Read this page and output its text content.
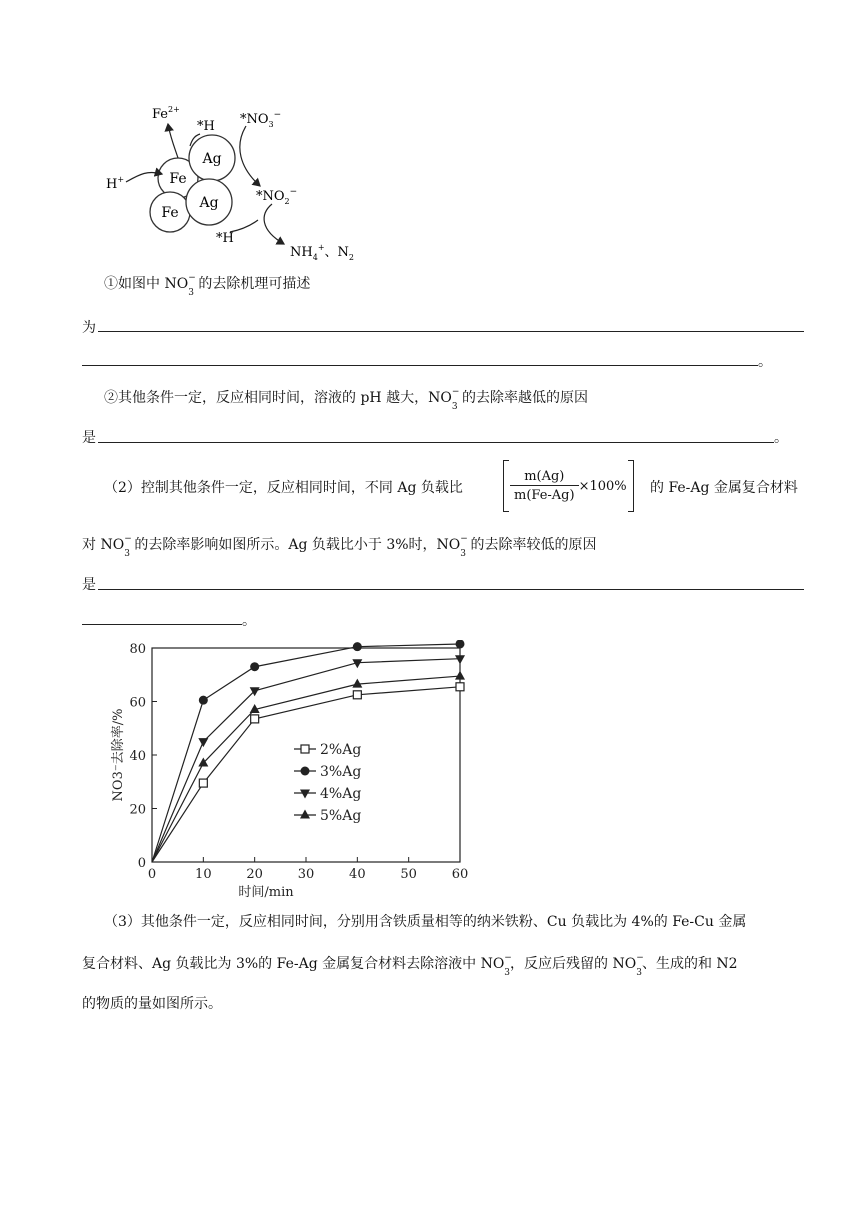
Fe
Ag
Fe
Ag
$Fe^{2+}$
H+
*H $*NO_3^-$
$*NO_2^-$
*H
$NH_4^+$、$N_2$
①如图中 $NO_3$
−
的去除机理可描述
为
。
②其他条件一定，反应相同时间，溶液的 pH 越大，$NO_3$
−
的去除率越低的原因
是	。
（2）控制其他条件一定，反应相同时间，不同 Ag 负载比	$\frac{m(Ag)}{m(Fe-Ag)} \times 100\%$ 的 Fe-Ag 金属复合材料
对 $NO_3$
−
的去除率影响如图所示。Ag 负载比小于 3%时，$NO_3$
−
的去除率较低的原因
是
。
0	10	20	30	40	50	60
0
20
40
60
80
时间/min
NO3⁻去除率/%	2%Ag
3%Ag
4%Ag
5%Ag
（3）其他条件一定，反应相同时间，分别用含铁质量相等的纳米铁粉、Cu 负载比为 4%的 Fe-Cu 金属
复合材料、Ag 负载比为 3%的 Fe-Ag 金属复合材料去除溶液中 $NO_3$
−
，反应后残留的 $NO_3$
−
、生成的和 N2
的物质的量如图所示。
